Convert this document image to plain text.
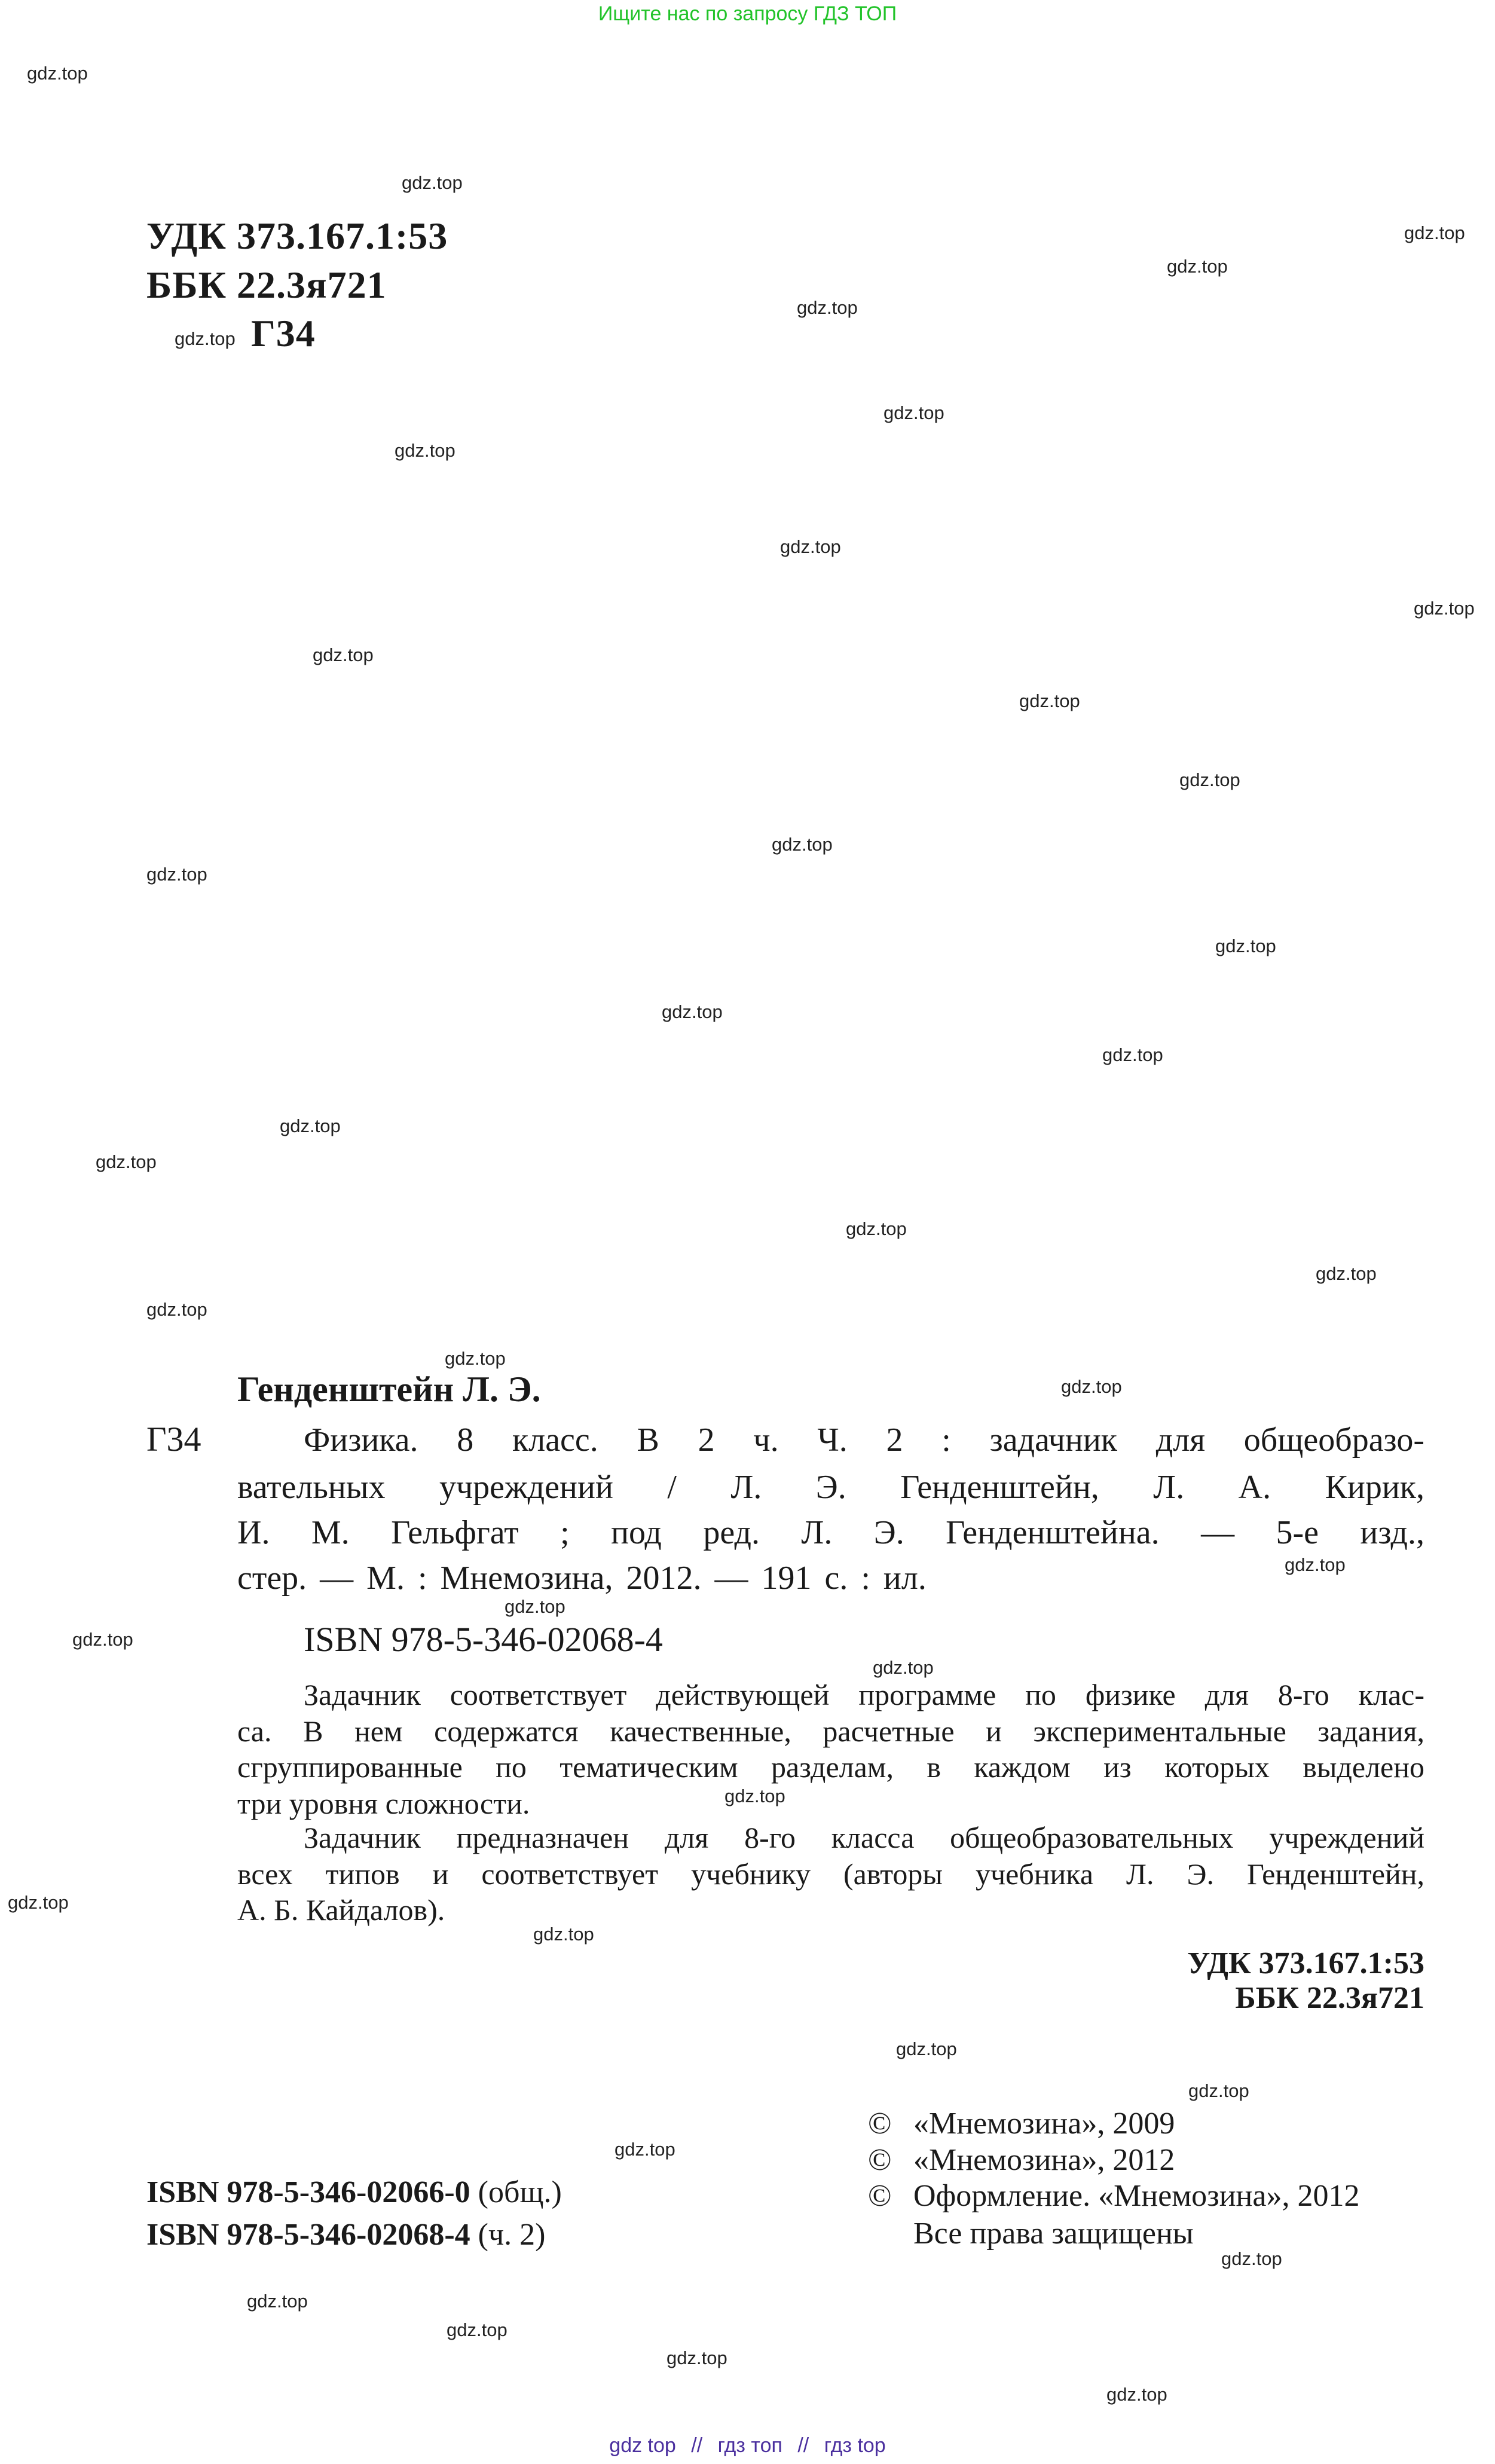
Ищите нас по запросу ГДЗ ТОП
gdz.top
gdz.top
gdz.top
gdz.top
gdz.top
gdz.top
gdz.top
gdz.top
gdz.top
gdz.top
gdz.top
gdz.top
gdz.top
gdz.top
gdz.top
gdz.top
gdz.top
gdz.top
gdz.top
gdz.top
gdz.top
gdz.top
gdz.top
gdz.top
gdz.top
gdz.top
gdz.top
gdz.top
gdz.top
gdz.top
gdz.top
gdz.top
gdz.top
gdz.top
gdz.top
gdz.top
gdz.top
gdz.top
gdz.top
gdz.top
УДК 373.167.1:53
ББК 22.3я721
Г34
Генденштейн Л. Э.
Г34	Физика. 8 класс. В 2 ч. Ч. 2 : задачник для общеобразо-
вательных учреждений / Л. Э. Генденштейн, Л. А. Кирик,
И. М. Гельфгат ; под ред. Л. Э. Генденштейна. — 5-е изд.,
стер. — М. : Мнемозина, 2012. — 191 с. : ил.
ISBN 978-5-346-02068-4
Задачник соответствует действующей программе по физике для 8-го клас-
са. В нем содержатся качественные, расчетные и экспериментальные задания,
сгруппированные по тематическим разделам, в каждом из которых выделено
три уровня сложности.
Задачник предназначен для 8-го класса общеобразовательных учреждений
всех типов и соответствует учебнику (авторы учебника Л. Э. Генденштейн,
А. Б. Кайдалов).
УДК 373.167.1:53
ББК 22.3я721
© «Мнемозина», 2009
© «Мнемозина», 2012
© Оформление. «Мнемозина», 2012
Все права защищены
ISBN 978-5-346-02066-0 (общ.)
ISBN 978-5-346-02068-4 (ч. 2)
gdz top // гдз топ // гдз top
